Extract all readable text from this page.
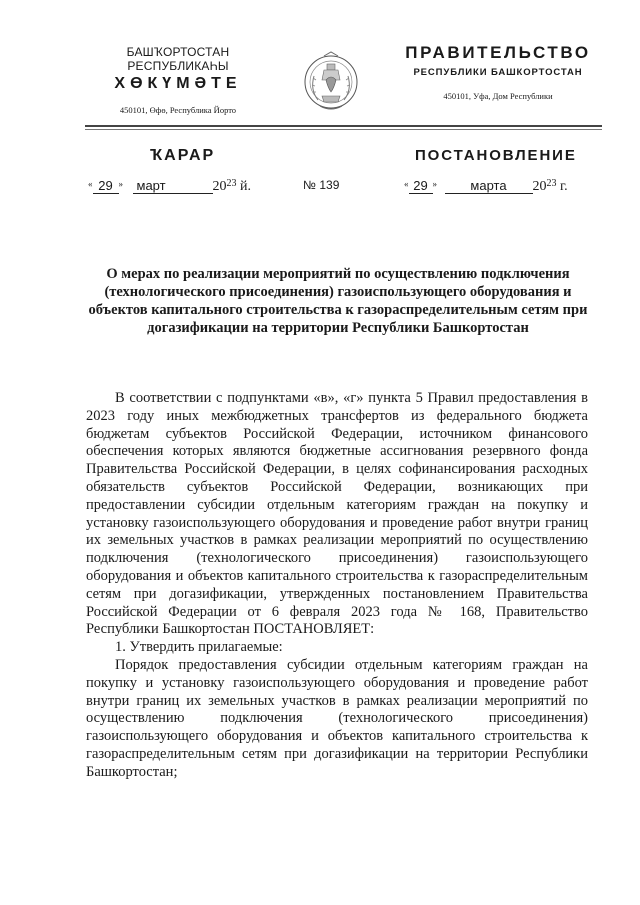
БАШҠОРТОСТАН РЕСПУБЛИКАҺЫ
ХӨКҮМӘТЕ
450101, Өфө, Республика Йорто
ПРАВИТЕЛЬСТВО
РЕСПУБЛИКИ БАШКОРТОСТАН
450101, Уфа, Дом Республики
ҠАРАР	ПОСТАНОВЛЕНИЕ
« 29 » март	$20^{23}$ й.	№ 139	« 29 »	марта $20^{23}$ г.
О мерах по реализации мероприятий по осуществлению подключения (технологического присоединения) газоиспользующего оборудования и объектов капитального строительства к газораспределительным сетям при догазификации на территории Республики Башкортостан

В соответствии с подпунктами «в», «г» пункта 5 Правил предоставления в 2023 году иных межбюджетных трансфертов из федерального бюджета бюджетам субъектов Российской Федерации, источником финансового обеспечения которых являются бюджетные ассигнования резервного фонда Правительства Российской Федерации, в целях софинансирования расходных обязательств субъектов Российской Федерации, возникающих при предоставлении субсидии отдельным категориям граждан на покупку и установку газоиспользующего оборудования и проведение работ внутри границ их земельных участков в рамках реализации мероприятий по осуществлению подключения (технологического присоединения) газоиспользующего оборудования и объектов капитального строительства к газораспределительным сетям при догазификации, утвержденных постановлением Правительства Российской Федерации от 6 февраля 2023 года № 168, Правительство Республики Башкортостан ПОСТАНОВЛЯЕТ:

1. Утвердить прилагаемые:

Порядок предоставления субсидии отдельным категориям граждан на покупку и установку газоиспользующего оборудования и проведение работ внутри границ их земельных участков в рамках реализации мероприятий по осуществлению подключения (технологического присоединения) газоиспользующего оборудования и объектов капитального строительства к газораспределительным сетям при догазификации на территории Республики Башкортостан;
